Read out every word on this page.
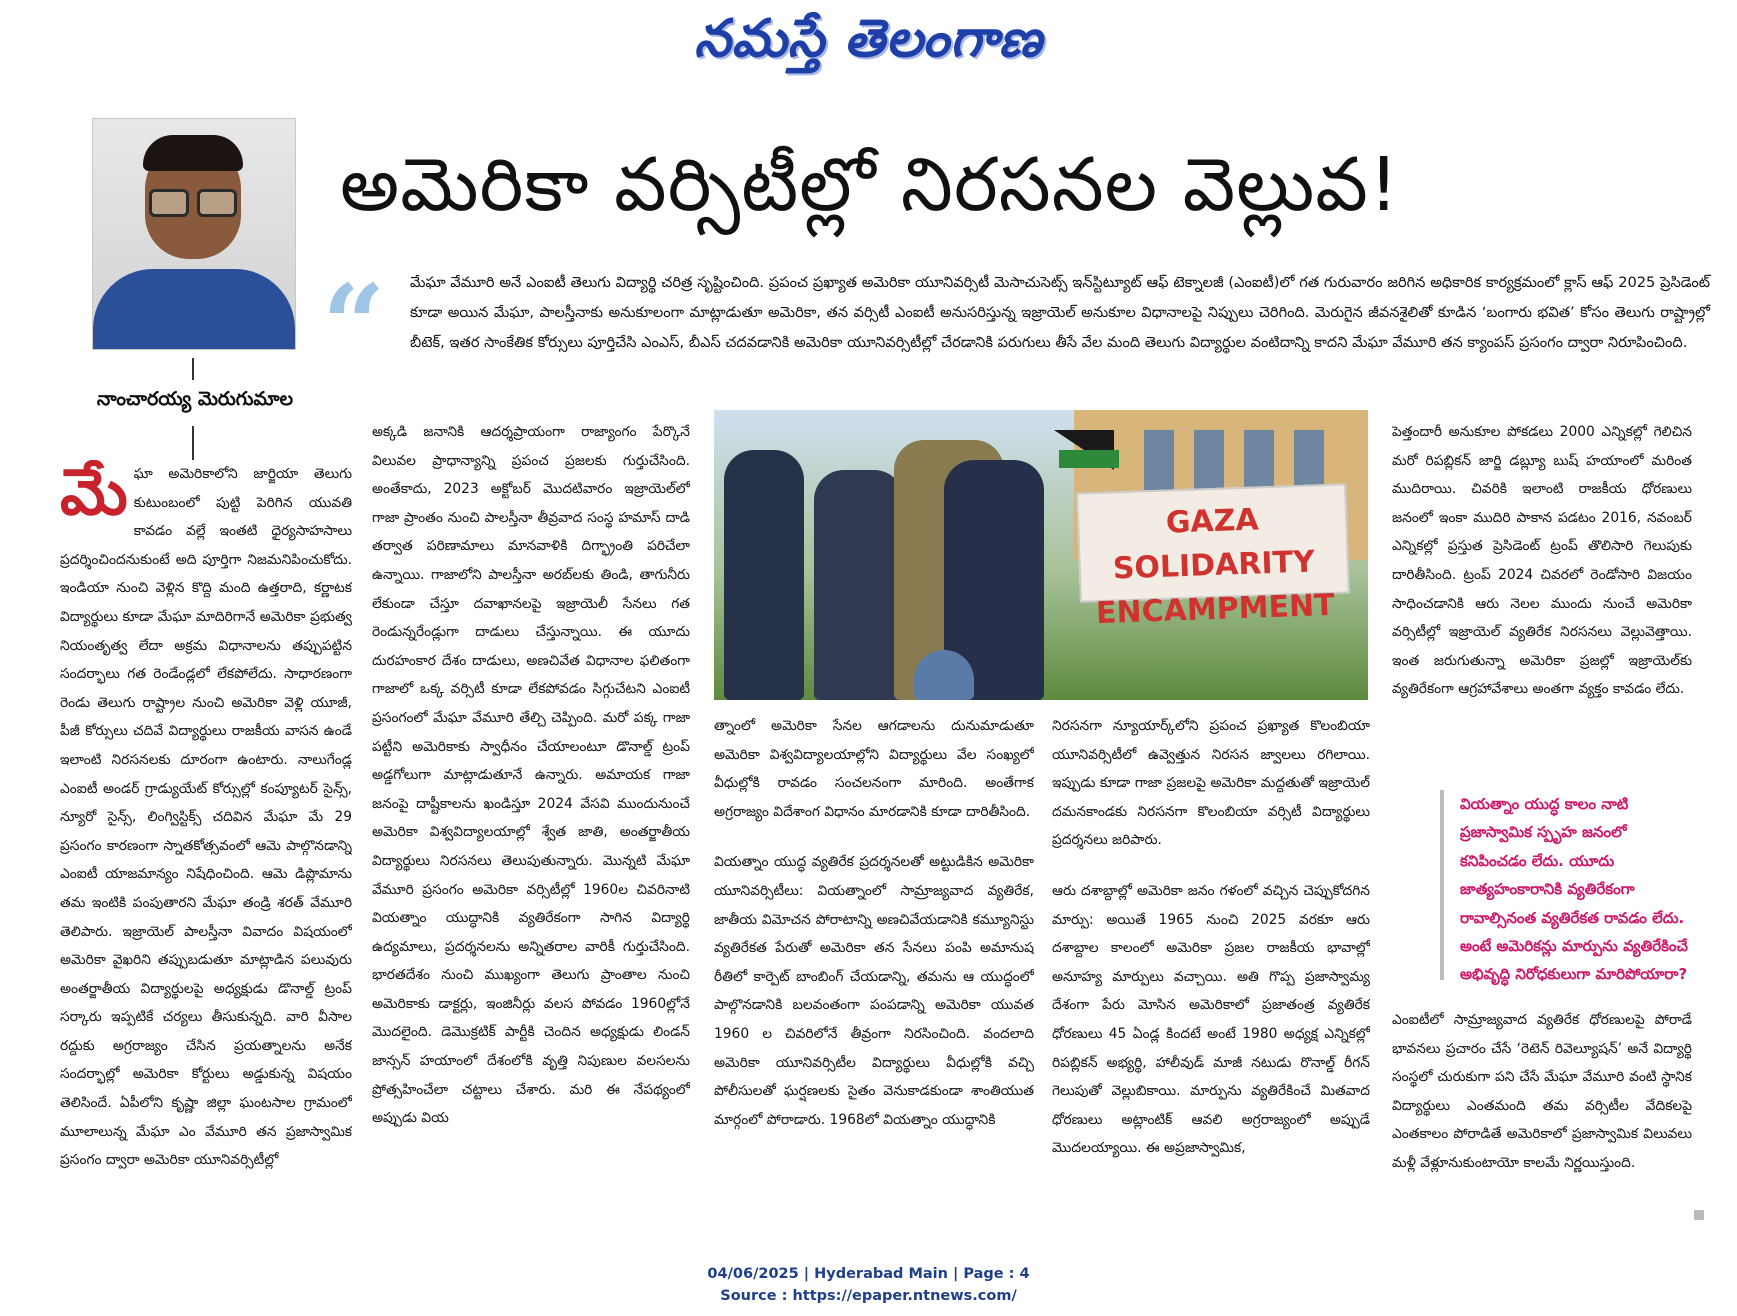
నమస్తే తెలంగాణ
నాంచారయ్య మెరుగుమాల
“
అమెరికా వర్సిటీల్లో నిరసనల వెల్లువ!
మేఘా వేమూరి అనే ఎంఐటీ తెలుగు విద్యార్థి చరిత్ర సృష్టించింది. ప్రపంచ ప్రఖ్యాత అమెరికా యూనివర్సిటీ మెసాచుసెట్స్ ఇన్‌స్టిట్యూట్ ఆఫ్ టెక్నాలజీ (ఎంఐటీ)లో గత గురువారం జరిగిన అధికారిక కార్యక్రమంలో క్లాస్ ఆఫ్ 2025 ప్రెసిడెంట్ కూడా అయిన మేఘా, పాలస్తీనాకు అనుకూలంగా మాట్లాడుతూ అమెరికా, తన వర్సిటీ ఎంఐటీ అనుసరిస్తున్న ఇజ్రాయెల్ అనుకూల విధానాలపై నిప్పులు చెరిగింది. మెరుగైన జీవనశైలితో కూడిన ‘బంగారు భవిత’ కోసం తెలుగు రాష్ట్రాల్లో బీటెక్, ఇతర సాంకేతిక కోర్సులు పూర్తిచేసి ఎంఎస్, బీఎస్ చదవడానికి అమెరికా యూనివర్సిటీల్లో చేరడానికి పరుగులు తీసే వేల మంది తెలుగు విద్యార్థుల వంటిదాన్ని కాదని మేఘా వేమూరి తన క్యాంపస్ ప్రసంగం ద్వారా నిరూపించింది.

మేఘా అమెరికాలోని జార్జియా తెలుగు కుటుంబంలో పుట్టి పెరిగిన యువతి కావడం వల్లే ఇంతటి ధైర్యసాహసాలు ప్రదర్శించిందనుకుంటే అది పూర్తిగా నిజమనిపించుకోదు. ఇండియా నుంచి వెళ్లిన కొద్ది మంది ఉత్తరాది, కర్ణాటక విద్యార్థులు కూడా మేఘా మాదిరిగానే అమెరికా ప్రభుత్వ నియంతృత్వ లేదా అక్రమ విధానాలను తప్పుపట్టిన సందర్భాలు గత రెండేండ్లలో లేకపోలేదు. సాధారణంగా రెండు తెలుగు రాష్ట్రాల నుంచి అమెరికా వెళ్లి యూజీ, పీజీ కోర్సులు చదివే విద్యార్థులు రాజకీయ వాసన ఉండే ఇలాంటి నిరసనలకు దూరంగా ఉంటారు. నాలుగేండ్ల ఎంఐటీ అండర్ గ్రాడ్యుయేట్ కోర్సుల్లో కంప్యూటర్ సైన్స్, న్యూరో సైన్స్, లింగ్విస్టిక్స్ చదివిన మేఘా మే 29 ప్రసంగం కారణంగా స్నాతకోత్సవంలో ఆమె పాల్గొనడాన్ని ఎంఐటీ యాజమాన్యం నిషేధించింది. ఆమె డిప్లొమాను తమ ఇంటికి పంపుతారని మేఘా తండ్రి శరత్ వేమూరి తెలిపారు. ఇజ్రాయెల్ పాలస్తీనా వివాదం విషయంలో అమెరికా వైఖరిని తప్పుబడుతూ మాట్లాడిన పలువురు అంతర్జాతీయ విద్యార్థులపై అధ్యక్షుడు డొనాల్డ్ ట్రంప్ సర్కారు ఇప్పటికే చర్యలు తీసుకున్నది. వారి వీసాల రద్దుకు అగ్రరాజ్యం చేసిన ప్రయత్నాలను అనేక సందర్భాల్లో అమెరికా కోర్టులు అడ్డుకున్న విషయం తెలిసిందే. ఏపీలోని కృష్ణా జిల్లా ఘంటసాల గ్రామంలో మూలాలున్న మేఘా ఎం వేమూరి తన ప్రజాస్వామిక ప్రసంగం ద్వారా అమెరికా యూనివర్సిటీల్లో

అక్కడి జనానికి ఆదర్శప్రాయంగా రాజ్యాంగం పేర్కొనే విలువల ప్రాధాన్యాన్ని ప్రపంచ ప్రజలకు గుర్తుచేసింది. అంతేకాదు, 2023 అక్టోబర్ మొదటివారం ఇజ్రాయెల్‌లో గాజా ప్రాంతం నుంచి పాలస్తీనా తీవ్రవాద సంస్థ హమాస్ దాడి తర్వాత పరిణామాలు మానవాళికి దిగ్భ్రాంతి పరిచేలా ఉన్నాయి. గాజాలోని పాలస్తీనా అరబ్‌లకు తిండి, తాగునీరు లేకుండా చేస్తూ దవాఖానలపై ఇజ్రాయెలీ సేనలు గత రెండున్నరేండ్లుగా దాడులు చేస్తున్నాయి. ఈ యూదు దురహంకార దేశం దాడులు, అణచివేత విధానాల ఫలితంగా గాజాలో ఒక్క వర్సిటీ కూడా లేకపోవడం సిగ్గుచేటని ఎంఐటీ ప్రసంగంలో మేఘా వేమూరి తేల్చి చెప్పింది. మరో పక్క గాజా పట్టీని అమెరికాకు స్వాధీనం చేయాలంటూ డొనాల్డ్ ట్రంప్ అడ్డగోలుగా మాట్లాడుతూనే ఉన్నారు. అమాయక గాజా జనంపై దాష్టీకాలను ఖండిస్తూ 2024 వేసవి ముందునుంచే అమెరికా విశ్వవిద్యాలయాల్లో శ్వేత జాతి, అంతర్జాతీయ విద్యార్థులు నిరసనలు తెలుపుతున్నారు. మొన్నటి మేఘా వేమూరి ప్రసంగం అమెరికా వర్సిటీల్లో 1960ల చివరినాటి వియత్నాం యుద్ధానికి వ్యతిరేకంగా సాగిన విద్యార్థి ఉద్యమాలు, ప్రదర్శనలను అన్నితరాల వారికీ గుర్తుచేసింది. భారతదేశం నుంచి ముఖ్యంగా తెలుగు ప్రాంతాల నుంచి అమెరికాకు డాక్టర్లు, ఇంజినీర్లు వలస పోవడం 1960ల్లోనే మొదలైంది. డెమొక్రటిక్ పార్టీకి చెందిన అధ్యక్షుడు లిండన్ జాన్సన్ హయాంలో దేశంలోకి వృత్తి నిపుణుల వలసలను ప్రోత్సహించేలా చట్టాలు చేశారు. మరి ఈ నేపథ్యంలో అప్పుడు వియ

GAZA SOLIDARITY ENCAMPMENT

త్నాంలో అమెరికా సేనల ఆగడాలను దునుమాడుతూ అమెరికా విశ్వవిద్యాలయాల్లోని విద్యార్థులు వేల సంఖ్యలో వీధుల్లోకి రావడం సంచలనంగా మారింది. అంతేగాక అగ్రరాజ్యం విదేశాంగ విధానం మారడానికి కూడా దారితీసింది.

వియత్నాం యుద్ధ వ్యతిరేక ప్రదర్శనలతో అట్టుడికిన అమెరికా యూనివర్సిటీలు: వియత్నాంలో సామ్రాజ్యవాద వ్యతిరేక, జాతీయ విమోచన పోరాటాన్ని అణచివేయడానికి కమ్యూనిస్టు వ్యతిరేకత పేరుతో అమెరికా తన సేనలు పంపి అమానుష రీతిలో కార్పెట్ బాంబింగ్ చేయడాన్ని, తమను ఆ యుద్ధంలో పాల్గొనడానికి బలవంతంగా పంపడాన్ని అమెరికా యువత 1960 ల చివరిలోనే తీవ్రంగా నిరసించింది. వందలాది అమెరికా యూనివర్సిటీల విద్యార్థులు వీధుల్లోకి వచ్చి పోలీసులతో ఘర్షణలకు సైతం వెనుకాడకుండా శాంతియుత మార్గంలో పోరాడారు. 1968లో వియత్నాం యుద్ధానికి

నిరసనగా న్యూయార్క్‌లోని ప్రపంచ ప్రఖ్యాత కొలంబియా యూనివర్సిటీలో ఉవ్వెత్తున నిరసన జ్వాలలు రగిలాయి. ఇప్పుడు కూడా గాజా ప్రజలపై అమెరికా మద్దతుతో ఇజ్రాయెల్ దమనకాండకు నిరసనగా కొలంబియా వర్సిటీ విద్యార్థులు ప్రదర్శనలు జరిపారు.

ఆరు దశాబ్దాల్లో అమెరికా జనం గళంలో వచ్చిన చెప్పుకోదగిన మార్పు: అయితే 1965 నుంచి 2025 వరకూ ఆరు దశాబ్దాల కాలంలో అమెరికా ప్రజల రాజకీయ భావాల్లో అనూహ్య మార్పులు వచ్చాయి. అతి గొప్ప ప్రజాస్వామ్య దేశంగా పేరు మోసిన అమెరికాలో ప్రజాతంత్ర వ్యతిరేక ధోరణులు 45 ఏండ్ల కిందటే అంటే 1980 అధ్యక్ష ఎన్నికల్లో రిపబ్లికన్ అభ్యర్థి, హాలీవుడ్ మాజీ నటుడు రొనాల్డ్ రీగన్ గెలుపుతో వెల్లుబికాయి. మార్పును వ్యతిరేకించే మితవాద ధోరణులు అట్లాంటిక్ ఆవలి అగ్రరాజ్యంలో అప్పుడే మొదలయ్యాయి. ఈ అప్రజాస్వామిక,

పెత్తందారీ అనుకూల పోకడలు 2000 ఎన్నికల్లో గెలిచిన మరో రిపబ్లికన్ జార్జి డబ్ల్యూ బుష్ హయాంలో మరింత ముదిరాయి. చివరికి ఇలాంటి రాజకీయ ధోరణులు జనంలో ఇంకా ముదిరి పాకాన పడటం 2016, నవంబర్ ఎన్నికల్లో ప్రస్తుత ప్రెసిడెంట్ ట్రంప్ తొలిసారి గెలుపుకు దారితీసింది. ట్రంప్ 2024 చివరలో రెండోసారి విజయం సాధించడానికి ఆరు నెలల ముందు నుంచే అమెరికా వర్సిటీల్లో ఇజ్రాయెల్ వ్యతిరేక నిరసనలు వెల్లువెత్తాయి. ఇంత జరుగుతున్నా అమెరికా ప్రజల్లో ఇజ్రాయెల్‌కు వ్యతిరేకంగా ఆగ్రహావేశాలు అంతగా వ్యక్తం కావడం లేదు.

వియత్నాం యుద్ధ కాలం నాటి ప్రజాస్వామిక స్పృహ జనంలో కనిపించడం లేదు. యూదు జాత్యహంకారానికి వ్యతిరేకంగా రావాల్సినంత వ్యతిరేకత రావడం లేదు. అంటే అమెరికన్లు మార్పును వ్యతిరేకించే అభివృద్ధి నిరోధకులుగా మారిపోయారా?

ఎంఐటీలో సామ్రాజ్యవాద వ్యతిరేక ధోరణులపై పోరాడే భావనలు ప్రచారం చేసే ‘రెటెన్ రివెల్యూషన్’ అనే విద్యార్థి సంస్థలో చురుకుగా పని చేసే మేఘా వేమూరి వంటి స్థానిక విద్యార్థులు ఎంతమంది తమ వర్సిటీల వేదికలపై ఎంతకాలం పోరాడితే అమెరికాలో ప్రజాస్వామిక విలువలు మళ్లీ వేళ్లూనుకుంటాయో కాలమే నిర్ణయిస్తుంది.

04/06/2025 | Hyderabad Main | Page : 4
Source : https://epaper.ntnews.com/
